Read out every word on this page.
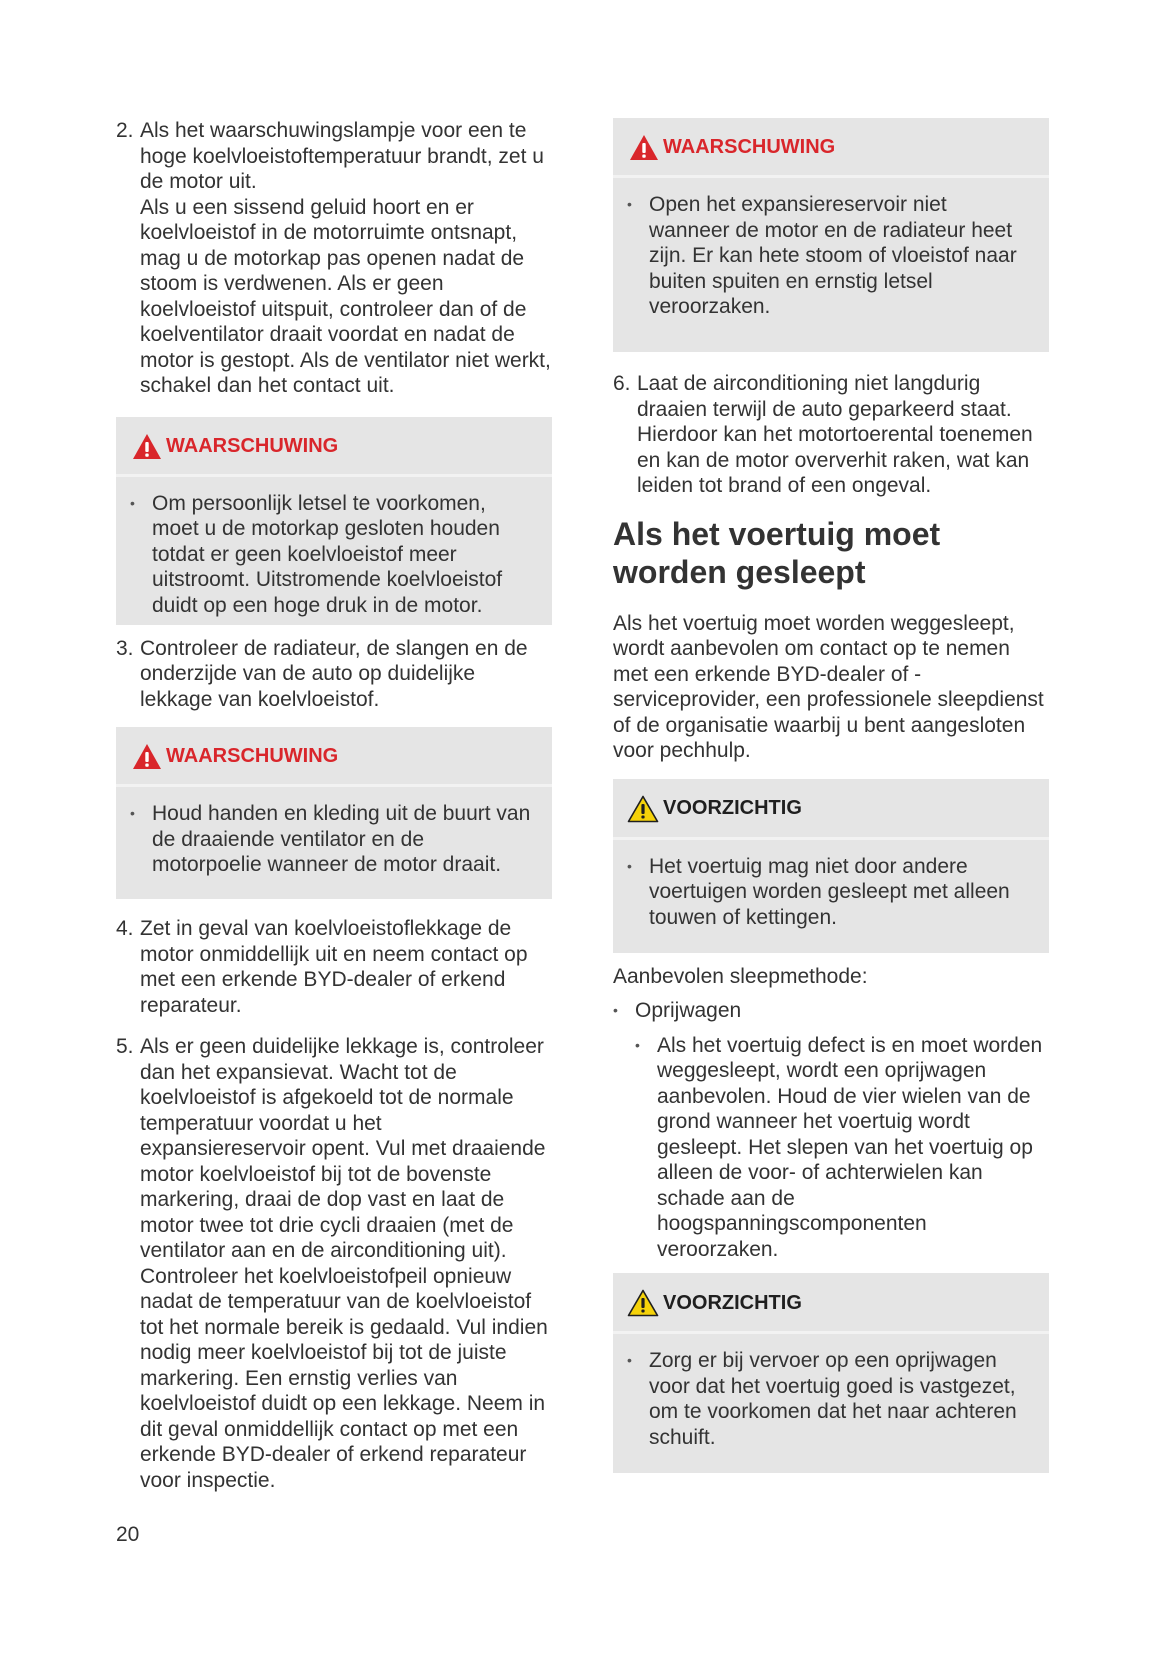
2. Als het waarschuwingslampje voor een te hoge koelvloeistoftemperatuur brandt, zet u de motor uit.

Als u een sissend geluid hoort en er koelvloeistof in de motorruimte ontsnapt, mag u de motorkap pas openen nadat de stoom is verdwenen. Als er geen koelvloeistof uitspuit, controleer dan of de koelventilator draait voordat en nadat de motor is gestopt. Als de ventilator niet werkt, schakel dan het contact uit.

WAARSCHUWING
• Om persoonlijk letsel te voorkomen, moet u de motorkap gesloten houden totdat er geen koelvloeistof meer uitstroomt. Uitstromende koelvloeistof duidt op een hoge druk in de motor.
3. Controleer de radiateur, de slangen en de onderzijde van de auto op duidelijke lekkage van koelvloeistof.

WAARSCHUWING
• Houd handen en kleding uit de buurt van de draaiende ventilator en de motorpoelie wanneer de motor draait.
4. Zet in geval van koelvloeistoflekkage de motor onmiddellijk uit en neem contact op met een erkende BYD-dealer of erkend reparateur.

5. Als er geen duidelijke lekkage is, controleer dan het expansievat. Wacht tot de koelvloeistof is afgekoeld tot de normale temperatuur voordat u het expansiereservoir opent. Vul met draaiende motor koelvloeistof bij tot de bovenste markering, draai de dop vast en laat de motor twee tot drie cycli draaien (met de ventilator aan en de airconditioning uit). Controleer het koelvloeistofpeil opnieuw nadat de temperatuur van de koelvloeistof tot het normale bereik is gedaald. Vul indien nodig meer koelvloeistof bij tot de juiste markering. Een ernstig verlies van koelvloeistof duidt op een lekkage. Neem in dit geval onmiddellijk contact op met een erkende BYD-dealer of erkend reparateur voor inspectie.

WAARSCHUWING
• Open het expansiereservoir niet wanneer de motor en de radiateur heet zijn. Er kan hete stoom of vloeistof naar buiten spuiten en ernstig letsel veroorzaken.
6. Laat de airconditioning niet langdurig draaien terwijl de auto geparkeerd staat. Hierdoor kan het motortoerental toenemen en kan de motor oververhit raken, wat kan leiden tot brand of een ongeval.

Als het voertuig moet worden gesleept

Als het voertuig moet worden weggesleept, wordt aanbevolen om contact op te nemen met een erkende BYD-dealer of -serviceprovider, een professionele sleepdienst of de organisatie waarbij u bent aangesloten voor pechhulp.

VOORZICHTIG
• Het voertuig mag niet door andere voertuigen worden gesleept met alleen touwen of kettingen.

Aanbevolen sleepmethode:

• Oprijwagen
• Als het voertuig defect is en moet worden weggesleept, wordt een oprijwagen aanbevolen. Houd de vier wielen van de grond wanneer het voertuig wordt gesleept. Het slepen van het voertuig op alleen de voor- of achterwielen kan schade aan de hoogspanningscomponenten veroorzaken.
VOORZICHTIG
• Zorg er bij vervoer op een oprijwagen voor dat het voertuig goed is vastgezet, om te voorkomen dat het naar achteren schuift.
20
